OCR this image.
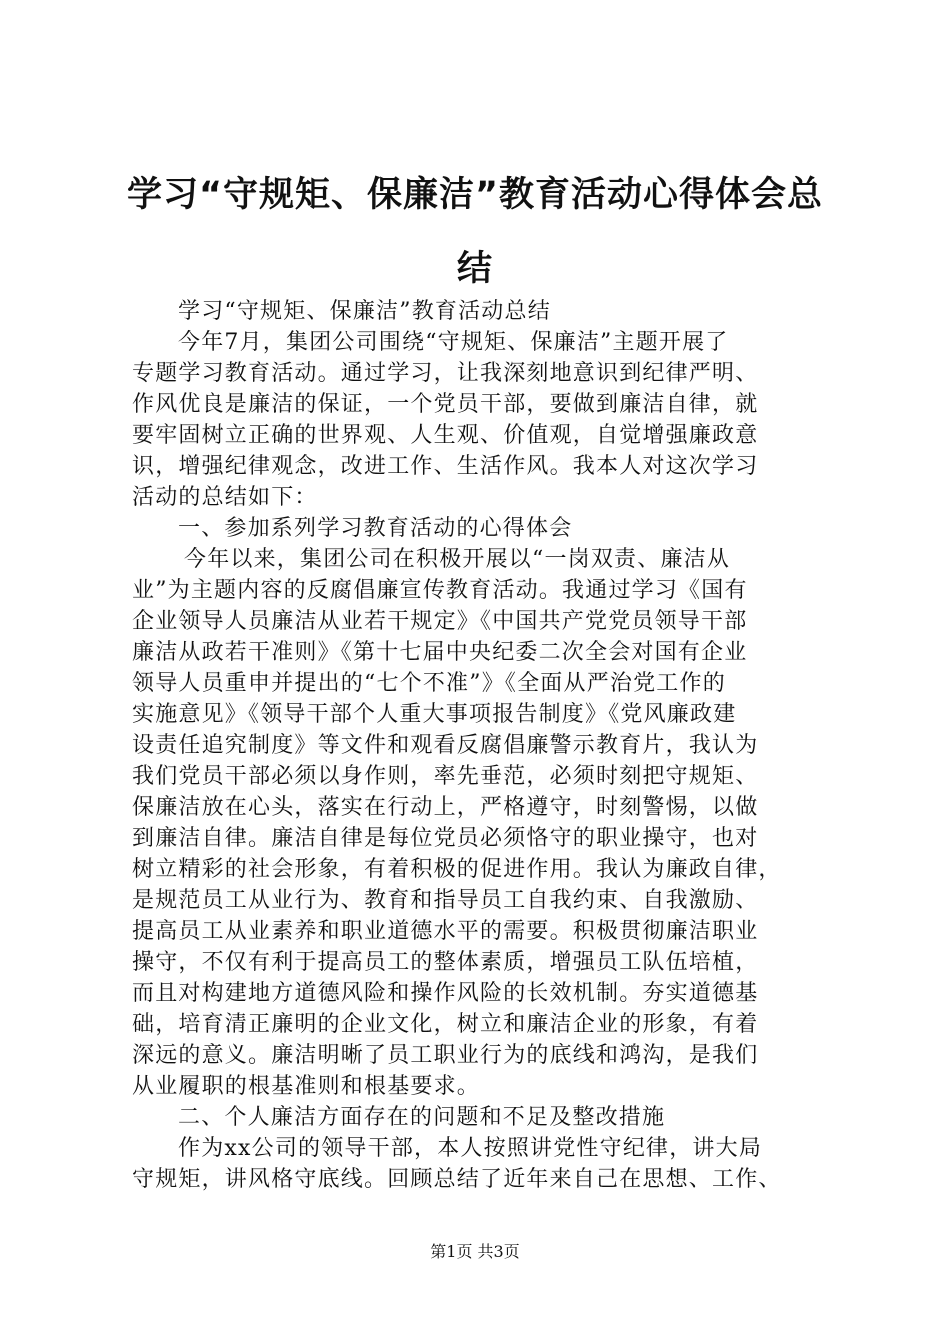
学习“守规矩、保廉洁”教育活动心得体会总
结
学习“守规矩、保廉洁”教育活动总结
今年7月，集团公司围绕“守规矩、保廉洁”主题开展了
专题学习教育活动。通过学习，让我深刻地意识到纪律严明、
作风优良是廉洁的保证，一个党员干部，要做到廉洁自律，就
要牢固树立正确的世界观、人生观、价值观，自觉增强廉政意
识，增强纪律观念，改进工作、生活作风。我本人对这次学习
活动的总结如下：
一、参加系列学习教育活动的心得体会
今年以来，集团公司在积极开展以“一岗双责、廉洁从
业”为主题内容的反腐倡廉宣传教育活动。我通过学习《国有
企业领导人员廉洁从业若干规定》《中国共产党党员领导干部
廉洁从政若干准则》《第十七届中央纪委二次全会对国有企业
领导人员重申并提出的“七个不准”》《全面从严治党工作的
实施意见》《领导干部个人重大事项报告制度》《党风廉政建
设责任追究制度》等文件和观看反腐倡廉警示教育片，我认为
我们党员干部必须以身作则，率先垂范，必须时刻把守规矩、
保廉洁放在心头，落实在行动上，严格遵守，时刻警惕，以做
到廉洁自律。廉洁自律是每位党员必须恪守的职业操守，也对
树立精彩的社会形象，有着积极的促进作用。我认为廉政自律，
是规范员工从业行为、教育和指导员工自我约束、自我激励、
提高员工从业素养和职业道德水平的需要。积极贯彻廉洁职业
操守，不仅有利于提高员工的整体素质，增强员工队伍培植，
而且对构建地方道德风险和操作风险的长效机制。夯实道德基
础，培育清正廉明的企业文化，树立和廉洁企业的形象，有着
深远的意义。廉洁明晰了员工职业行为的底线和鸿沟，是我们
从业履职的根基准则和根基要求。
二、个人廉洁方面存在的问题和不足及整改措施
作为xx公司的领导干部，本人按照讲党性守纪律，讲大局
守规矩，讲风格守底线。回顾总结了近年来自己在思想、工作、
第1页 共3页
